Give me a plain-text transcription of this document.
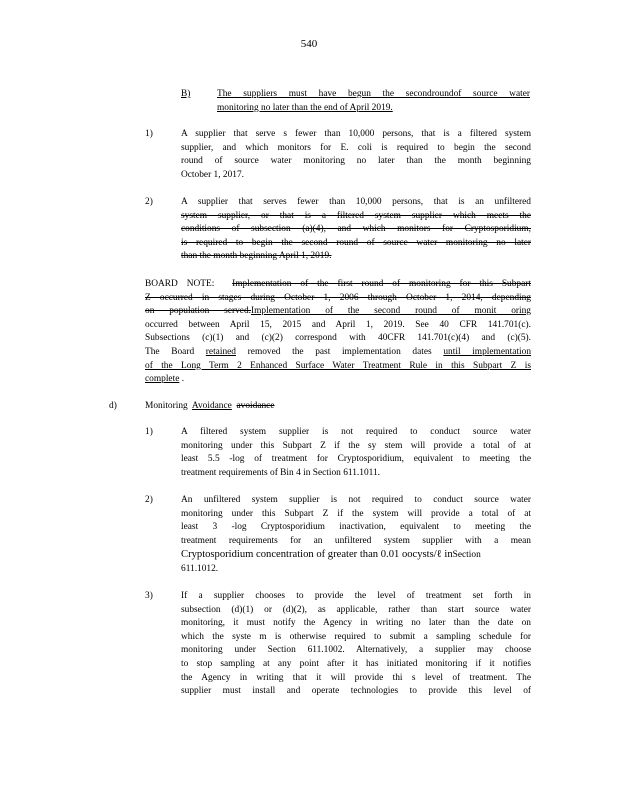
540
B)	The suppliers must have begun the secondroundof source water
monitoring no later than the end of April 2019.
1)	A supplier that serve s fewer than 10,000 persons, that is a filtered system
supplier, and which monitors for E. coli is required to begin the second
round of source water monitoring no later than the month beginning
October 1, 2017.
2)	A supplier that serves fewer than 10,000 persons, that is an unfiltered
system supplier, or that is a filtered system supplier which meets the
conditions of subsection (a)(4), and which monitors for Cryptosporidium,
is required to begin the second round of source water monitoring no later
than the month beginning April 1, 2019.
BOARD NOTE: Implementation of the first round of monitoring for this Subpart
Z occurred in stages during October 1, 2006 through October 1, 2014, depending
on population served.Implementation of the second round of monit oring
occurred between April 15, 2015 and April 1, 2019. See 40 CFR 141.701(c).
Subsections (c)(1) and (c)(2) correspond with 40CFR 141.701(c)(4) and (c)(5).
The Board retained removed the past implementation dates until implementation
of the Long Term 2 Enhanced Surface Water Treatment Rule in this Subpart Z is
complete .
d)	Monitoring Avoidance avoidance
1)	A filtered system supplier is not required to conduct source water
monitoring under this Subpart Z if the sy stem will provide a total of at
least 5.5 -log of treatment for Cryptosporidium, equivalent to meeting the
treatment requirements of Bin 4 in Section 611.1011.
2)	An unfiltered system supplier is not required to conduct source water
monitoring under this Subpart Z if the system will provide a total of at
least 3 -log Cryptosporidium inactivation, equivalent to meeting the
treatment requirements for an unfiltered system supplier with a mean
Cryptosporidium concentration of greater than 0.01 oocysts/ℓ inSection
611.1012.
3)	If a supplier chooses to provide the level of treatment set forth in
subsection (d)(1) or (d)(2), as applicable, rather than start source water
monitoring, it must notify the Agency in writing no later than the date on
which the syste m is otherwise required to submit a sampling schedule for
monitoring under Section 611.1002. Alternatively, a supplier may choose
to stop sampling at any point after it has initiated monitoring if it notifies
the Agency in writing that it will provide thi s level of treatment. The
supplier must install and operate technologies to provide this level of
